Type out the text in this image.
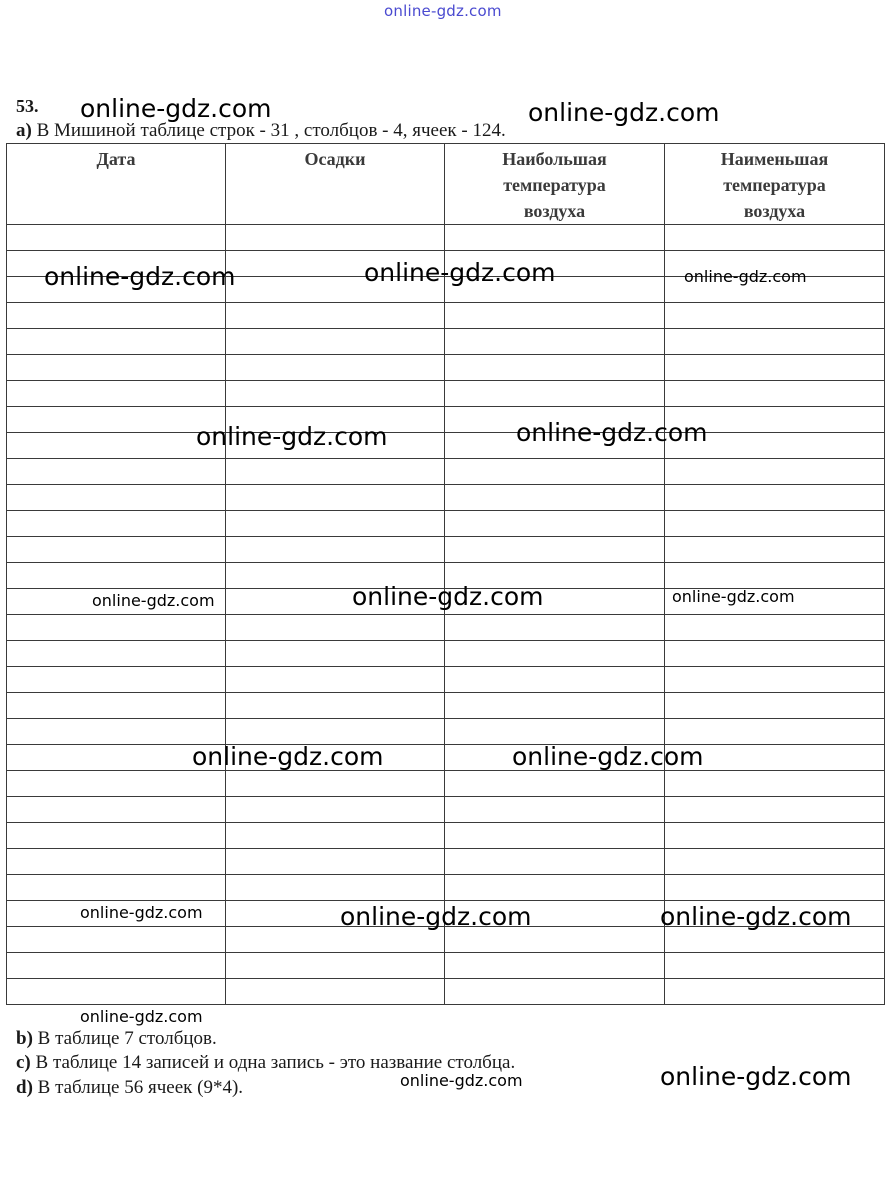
online-gdz.com
53.
a) В Мишиной таблице строк - 31 , столбцов - 4, ячеек - 124.
Дата	Осадки	Наибольшая температура воздуха	Наименьшая температура воздуха

b) В таблице 7 столбцов.
c) В таблице 14 записей и одна запись - это название столбца.
d) В таблице 56 ячеек (9*4).
online-gdz.com	online-gdz.com
online-gdz.com	online-gdz.com	online-gdz.com
online-gdz.com	online-gdz.com
online-gdz.com	online-gdz.com	online-gdz.com
online-gdz.com	online-gdz.com
online-gdz.com	online-gdz.com	online-gdz.com
online-gdz.com
online-gdz.com	online-gdz.com
